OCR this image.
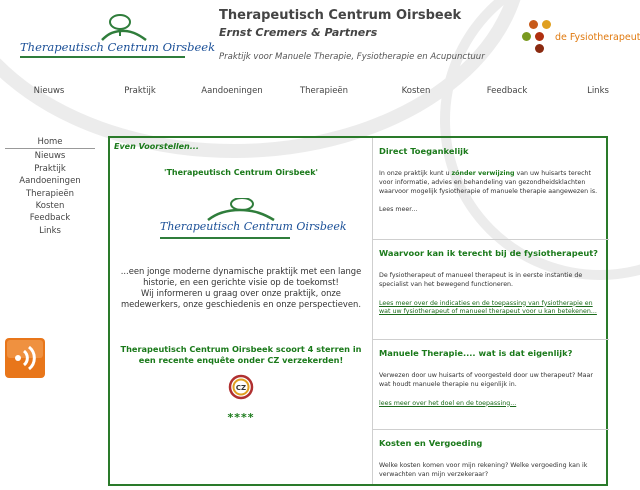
Therapeutisch Centrum Oirsbeek
Therapeutisch Centrum Oirsbeek
Ernst Cremers & Partners
Praktijk voor Manuele Therapie, Fysiotherapie en Acupunctuur
de Fysiotherapeut
Nieuws	Praktijk	Aandoeningen	Therapieën	Kosten	Feedback	Links
Home
Nieuws
Praktijk
Aandoeningen
Therapieën
Kosten
Feedback
Links
Even Voorstellen...
'Therapeutisch Centrum Oirsbeek'
Therapeutisch Centrum Oirsbeek
...een jonge moderne dynamische praktijk met een lange historie, en een gerichte visie op de toekomst!
Wij informeren u graag over onze praktijk, onze medewerkers, onze geschiedenis en onze perspectieven.
Therapeutisch Centrum Oirsbeek scoort 4 sterren in een recente enquête onder CZ verzekerden!
CZ
****
Direct Toegankelijk

In onze praktijk kunt u zónder verwijzing van uw huisarts terecht voor informatie, advies en behandeling van gezondheidsklachten waarvoor mogelijk fysiotherapie of manuele therapie aangewezen is.

Lees meer...

Waarvoor kan ik terecht bij de fysiotherapeut?

De fysiotherapeut of manueel therapeut is in eerste instantie de specialist van het bewegend functioneren.

Lees meer over de indicaties en de toepassing van fysiotherapie en wat uw fysiotherapeut of manueel therapeut voor u kan betekenen...
Manuele Therapie.... wat is dat eigenlijk?

Verwezen door uw huisarts of voorgesteld door uw therapeut? Maar wat houdt manuele therapie nu eigenlijk in.

lees meer over het doel en de toepassing...
Kosten en Vergoeding

Welke kosten komen voor mijn rekening? Welke vergoeding kan ik verwachten van mijn verzekeraar?
